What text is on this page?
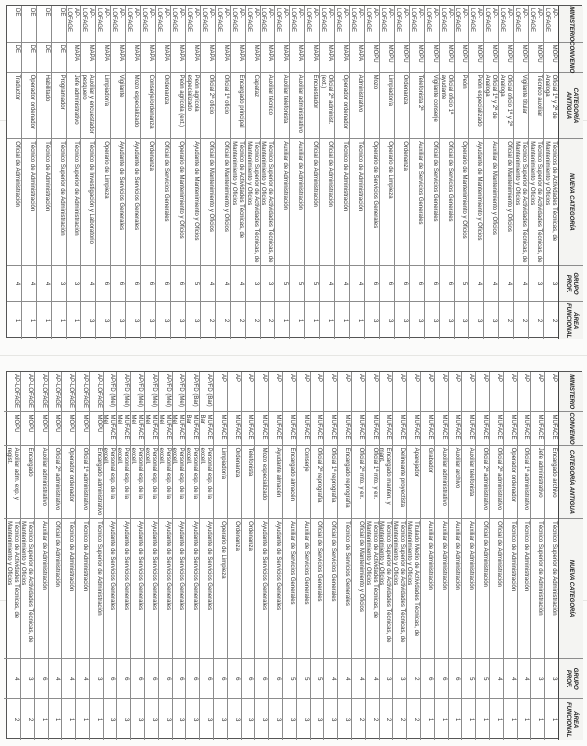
MINISTERIO
CONVENIO
CATEGORÍA ANTIGUA
NUEVA CATEGORÍA
GRUPO PROF.
ÁREA FUNCIONAL
AP-LOFAGE
MOPU
Oficial 1ª y 2ª de Analoga
Técnicos de Actividades Técnicas, de Mantenimiento y Oficios
3
2
AP-LOFAGE
MOPU
Técnico auxiliar
Técnico Superior de Actividades Técnicas, de Mantenimiento y Oficios
3
2
AP-LOFAGE
MOPU
Vigilante titular
Técnico Superior de Actividades Técnicas, de Mantenimiento y Oficios
4
2
AP-LOFAGE
MOPU
Oficial oficio 1ª y 2ª Analoga
Oficial de Mantenimiento y Oficios
4
2
AP-LOFAGE
MOPU
Oficial 1ª y 2ª de Analoga
Auxiliar de Mantenimiento y Oficios
4
3
AP-LOFAGE
MOPU
Peón especializado
Ayudante de Mantenimiento y Oficios
4
3
AP-LOFAGE
MOPU
Peón
Operario de Mantenimiento y Oficios
5
3
AP-LOFAGE
MOPU
Oficial oficio 1ª ayudante
Oficial de Servicios Generales
6
3
AP-LOFAGE
MOPU
Vigilante conserje
Oficial de Servicios Generales
6
3
AP-LOFAGE
MOPU
Telefonista 2ª
Auxiliar de Servicios Generales
6
3
AP-LOFAGE
MOPU
Ordenanza
Ordenanza
6
3
AP-LOFAGE
MOPU
Limpiador/a
Operario de Limpieza
6
3
AP-LOFAGE
MOPU
Mozo
Operario de Servicios Generales
6
3
AP-LOFAGE
MAPA
Administrativo
Técnico de Administración
4
1
AP-LOFAGE
MAPA
Operador ordenador
Técnico de Administración
4
1
AP-LOFAGE
MAPA
Oficial 2ª administ.(ext.)
Oficial de Administración
4
1
AP-LOFAGE
MAPA
Encuestador
Oficial de Administración
5
1
AP-LOFAGE
MAPA
Auxiliar administrativo
Auxiliar de Administración
5
1
AP-LOFAGE
MAPA
Auxiliar telefonista
Auxiliar de Administración
5
1
AP-LOFAGE
MAPA
Auxiliar técnico
Técnico Superior de Actividades Técnicas, de Mantenimiento y Oficios
3
2
AP-LOFAGE
MAPA
Capataz
Técnico Superior de Actividades Técnicas, de Mantenimiento y Oficios
3
2
AP-LOFAGE
MAPA
Encargado principal
Técnico de Actividades Técnicas, de Mantenimiento y Oficios
4
2
AP-LOFAGE
MAPA
Oficial 1ª oficio
Oficial de Mantenimiento y Oficios
4
2
AP-LOFAGE
MAPA
Oficial 2ª oficio
Oficial de Mantenimiento y Oficios
4
2
AP-LOFAGE
MAPA
Peón agrícola especializado
Ayudante de Mantenimiento y Oficios
5
3
AP-LOFAGE
MAPA
Peón agrícola (ext.)
Operario de Mantenimiento y Oficios
6
3
AP-LOFAGE
MAPA
Ordenanza
Oficial de Servicios Generales
6
3
AP-LOFAGE
MAPA
Conserje/ordenanza
Ordenanza
6
3
AP-LOFAGE
MAPA
Mozo especializado
Ayudante de Servicios Generales
6
3
AP-LOFAGE
MAPA
Vigilante
Ayudante de Servicios Generales
6
3
AP-LOFAGE
MAPA
Limpiador/a
Operario de Limpieza
6
3
AP-LOFAGE
MAPA
Auxiliar y encuestador pesquero
Técnico de Investigación y Laboratorio
4
3
AP-LOFAGE
MAPA
Jefe administrativo
Técnico Superior de Administración
3
1
DE
DE
Programador
Técnico Superior de Administración
3
1
DE
DE
Habilitado
Técnico de Administración
4
1
DE
DE
Operador ordenador
Técnico de Administración
4
1
DE
DE
Traductor
Oficial de Administración
4
1
MINISTERIO
CONVENIO
CATEGORÍA ANTIGUA
NUEVA CATEGORÍA
GRUPO PROF.
ÁREA FUNCIONAL
AP
MUFACE
Encargado archivo
Técnico Superior de Administración
3
1
AP
MUFACE
Jefe administrativo
Técnico Superior de Administración
3
1
AP
MUFACE
Oficial 1ª administrativo
Técnico de Administración
4
1
AP
MUFACE
Operador ordenador
Técnico de Administración
4
1
AP
MUFACE
Oficial 2ª administrativo
Oficial de Administración
4
1
AP
MUFACE
Oficial 2ª administrativo
Oficial de Administración
5
1
AP
MUFACE
Auxiliar telefonista
Auxiliar de Administración
5
1
AP
MUFACE
Auxiliar archivo
Auxiliar de Administración
6
1
AP
MUFACE
Auxiliar administrativo
Auxiliar de Administración
6
1
AP
MUFACE
Grabador
Auxiliar de Administración
6
1
AP
MUFACE
Aparejador
Titulado Medio de Actividades Técnicas, de Mantenimiento y Oficios
2
2
AP
MUFACE
Delineante proyectista
Técnico Superior de Actividades Técnicas, de Mantenimiento y Oficios
3
2
AP
MUFACE
Encargado manten. y mant.
Técnico Superior de Actividades Técnicas, de Mantenimiento y Oficios
3
2
AP
MUFACE
Oficial 1ª mto. y ex.
Técnico de Actividades Técnicas, de Mantenimiento y Oficios
4
2
AP
MUFACE
Oficial 2ª mto. y ex.
Oficial de Mantenimiento y Oficios
4
2
AP
MUFACE
Encargado reprografía
Técnico de Servicios Generales
4
3
AP
MUFACE
Oficial 1ª reprografía
Oficial de Servicios Generales
4
3
AP
MUFACE
Oficial 2ª reprografía
Oficial de Servicios Generales
5
3
AP
MUFACE
Conserje
Auxiliar de Servicios Generales
5
3
AP
MUFACE
Encargado almacén
Auxiliar de Servicios Generales
5
3
AP
MUFACE
Ayudante almacén
Ayudante de Servicios Generales
6
3
AP
MUFACE
Mozo especializado
Ayudante de Servicios Generales
6
3
AP
MUFACE
Telefonista
Ordenanza
6
3
AP
MUFACE
Ordenanza
Ordenanza
6
3
AP
MUFACE
Limpiador/a
Operario de Limpieza
6
3
AP/FD (Bar)
MUFACE Bar
Personal esp. de la excell.
Ayudante de Servicios Generales
6
3
AP/FD (Bar)
MUFACE Bar
Personal esp. de la excell.
Ayudante de Servicios Generales
6
3
AP/FD (Mel)
MUFACE Mel
Personal esp. de la excell.
Ayudante de Servicios Generales
6
3
AP/FD (Mel)
MUFACE Mel
Personal esp. de la excell.
Ayudante de Servicios Generales
6
3
AP/FD (Mel)
MUFACE Mel
Personal esp. de la excell.
Ayudante de Servicios Generales
6
3
AP/FD (Mel)
MUFACE Mel
Personal esp. de la excell.
Ayudante de Servicios Generales
6
3
AP/FD (Mel)
MUFACE Mel
Personal esp. de la excell.
Ayudante de Servicios Generales
6
3
AP/FD (Mel)
MUFACE Mel
Personal esp. de la excell.
Ayudante de Servicios Generales
6
3
AP-LOFAGE
MOPU
Encargado administrativo
Técnico Superior de Administración
3
1
AP-LOFAGE
MOPU
Oficial 1ª administrativo
Técnico de Administración
4
1
AP-LOFAGE
MOPU
Operador ordenador
Técnico de Administración
4
1
AP-LOFAGE
MOPU
Oficial 2ª administrativo
Oficial de Administración
4
1
AP-LOFAGE
MOPU
Auxiliar administrativo
Auxiliar de Administración
6
1
AP-LOFAGE
MOPU
Encargado
Técnico Superior de Actividades Técnicas, de Mantenimiento y Oficios
3
2
AP-LOFAGE
MOPU
Auxiliar adm. exp. y regist.
Técnico de Actividades Técnicas, de Mantenimiento y Oficios
4
2
